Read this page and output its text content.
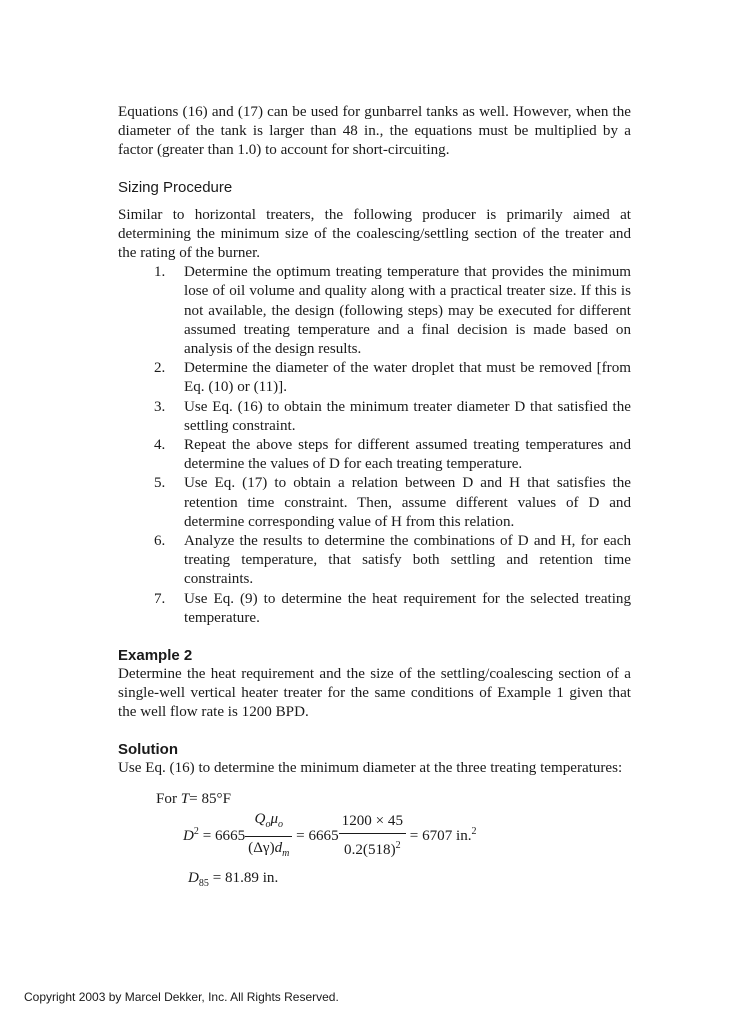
Equations (16) and (17) can be used for gunbarrel tanks as well. However, when the diameter of the tank is larger than 48 in., the equations must be multiplied by a factor (greater than 1.0) to account for short-circuiting.

Sizing Procedure

Similar to horizontal treaters, the following producer is primarily aimed at determining the minimum size of the coalescing/settling section of the treater and the rating of the burner.

1. Determine the optimum treating temperature that provides the minimum lose of oil volume and quality along with a practical treater size. If this is not available, the design (following steps) may be executed for different assumed treating temperature and a final decision is made based on analysis of the design results.
2. Determine the diameter of the water droplet that must be removed [from Eq. (10) or (11)].
3. Use Eq. (16) to obtain the minimum treater diameter D that satisfied the settling constraint.
4. Repeat the above steps for different assumed treating temperatures and determine the values of D for each treating temperature.
5. Use Eq. (17) to obtain a relation between D and H that satisfies the retention time constraint. Then, assume different values of D and determine corresponding value of H from this relation.
6. Analyze the results to determine the combinations of D and H, for each treating temperature, that satisfy both settling and retention time constraints.
7. Use Eq. (9) to determine the heat requirement for the selected treating temperature.
Example 2

Determine the heat requirement and the size of the settling/coalescing section of a single-well vertical heater treater for the same conditions of Example 1 given that the well flow rate is 1200 BPD.

Solution

Use Eq. (16) to determine the minimum diameter at the three treating temperatures:

For T= 85°F
$D^2 = 6665 \frac{Q_o\mu_o}{(\Delta\gamma)d_m} = 6665 \frac{1200 \times 45}{0.2(518)^2} = 6707$ in.$^2$
$D_{85} = 81.89$ in.
Copyright 2003 by Marcel Dekker, Inc. All Rights Reserved.
